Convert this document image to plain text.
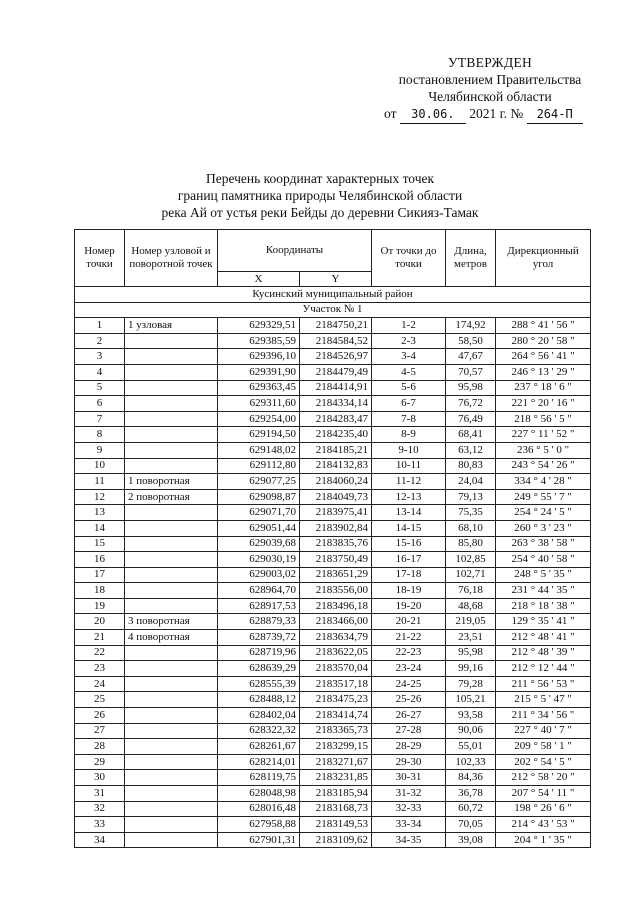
УТВЕРЖДЕН
постановлением Правительства
Челябинской области
от 30.06. 2021 г. № 264-П
Перечень координат характерных точек
границ памятника природы Челябинской области
река Ай от устья реки Бейды до деревни Сикияз-Тамак
Номер точки	Номер узловой и поворотной точек	Координаты		От точки до точки	Длина, метров	Дирекционный угол
		X	Y			
Кусинский муниципальный район						
Участок № 1						
1	1 узловая	629329,51	2184750,21	1-2	174,92	288 ° 41 ' 56 "
2		629385,59	2184584,52	2-3	58,50	280 ° 20 ' 58 "
3		629396,10	2184526,97	3-4	47,67	264 ° 56 ' 41 "
4		629391,90	2184479,49	4-5	70,57	246 ° 13 ' 29 "
5		629363,45	2184414,91	5-6	95,98	237 ° 18 ' 6 "
6		629311,60	2184334,14	6-7	76,72	221 ° 20 ' 16 "
7		629254,00	2184283,47	7-8	76,49	218 ° 56 ' 5 "
8		629194,50	2184235,40	8-9	68,41	227 ° 11 ' 52 "
9		629148,02	2184185,21	9-10	63,12	236 ° 5 ' 0 "
10		629112,80	2184132,83	10-11	80,83	243 ° 54 ' 26 "
11	1 поворотная	629077,25	2184060,24	11-12	24,04	334 ° 4 ' 28 "
12	2 поворотная	629098,87	2184049,73	12-13	79,13	249 ° 55 ' 7 "
13		629071,70	2183975,41	13-14	75,35	254 ° 24 ' 5 "
14		629051,44	2183902,84	14-15	68,10	260 ° 3 ' 23 "
15		629039,68	2183835,76	15-16	85,80	263 ° 38 ' 58 "
16		629030,19	2183750,49	16-17	102,85	254 ° 40 ' 58 "
17		629003,02	2183651,29	17-18	102,71	248 ° 5 ' 35 "
18		628964,70	2183556,00	18-19	76,18	231 ° 44 ' 35 "
19		628917,53	2183496,18	19-20	48,68	218 ° 18 ' 38 "
20	3 поворотная	628879,33	2183466,00	20-21	219,05	129 ° 35 ' 41 "
21	4 поворотная	628739,72	2183634,79	21-22	23,51	212 ° 48 ' 41 "
22		628719,96	2183622,05	22-23	95,98	212 ° 48 ' 39 "
23		628639,29	2183570,04	23-24	99,16	212 ° 12 ' 44 "
24		628555,39	2183517,18	24-25	79,28	211 ° 56 ' 53 "
25		628488,12	2183475,23	25-26	105,21	215 ° 5 ' 47 "
26		628402,04	2183414,74	26-27	93,58	211 ° 34 ' 56 "
27		628322,32	2183365,73	27-28	90,06	227 ° 40 ' 7 "
28		628261,67	2183299,15	28-29	55,01	209 ° 58 ' 1 "
29		628214,01	2183271,67	29-30	102,33	202 ° 54 ' 5 "
30		628119,75	2183231,85	30-31	84,36	212 ° 58 ' 20 "
31		628048,98	2183185,94	31-32	36,78	207 ° 54 ' 11 "
32		628016,48	2183168,73	32-33	60,72	198 ° 26 ' 6 "
33		627958,88	2183149,53	33-34	70,05	214 ° 43 ' 53 "
34		627901,31	2183109,62	34-35	39,08	204 ° 1 ' 35 "
